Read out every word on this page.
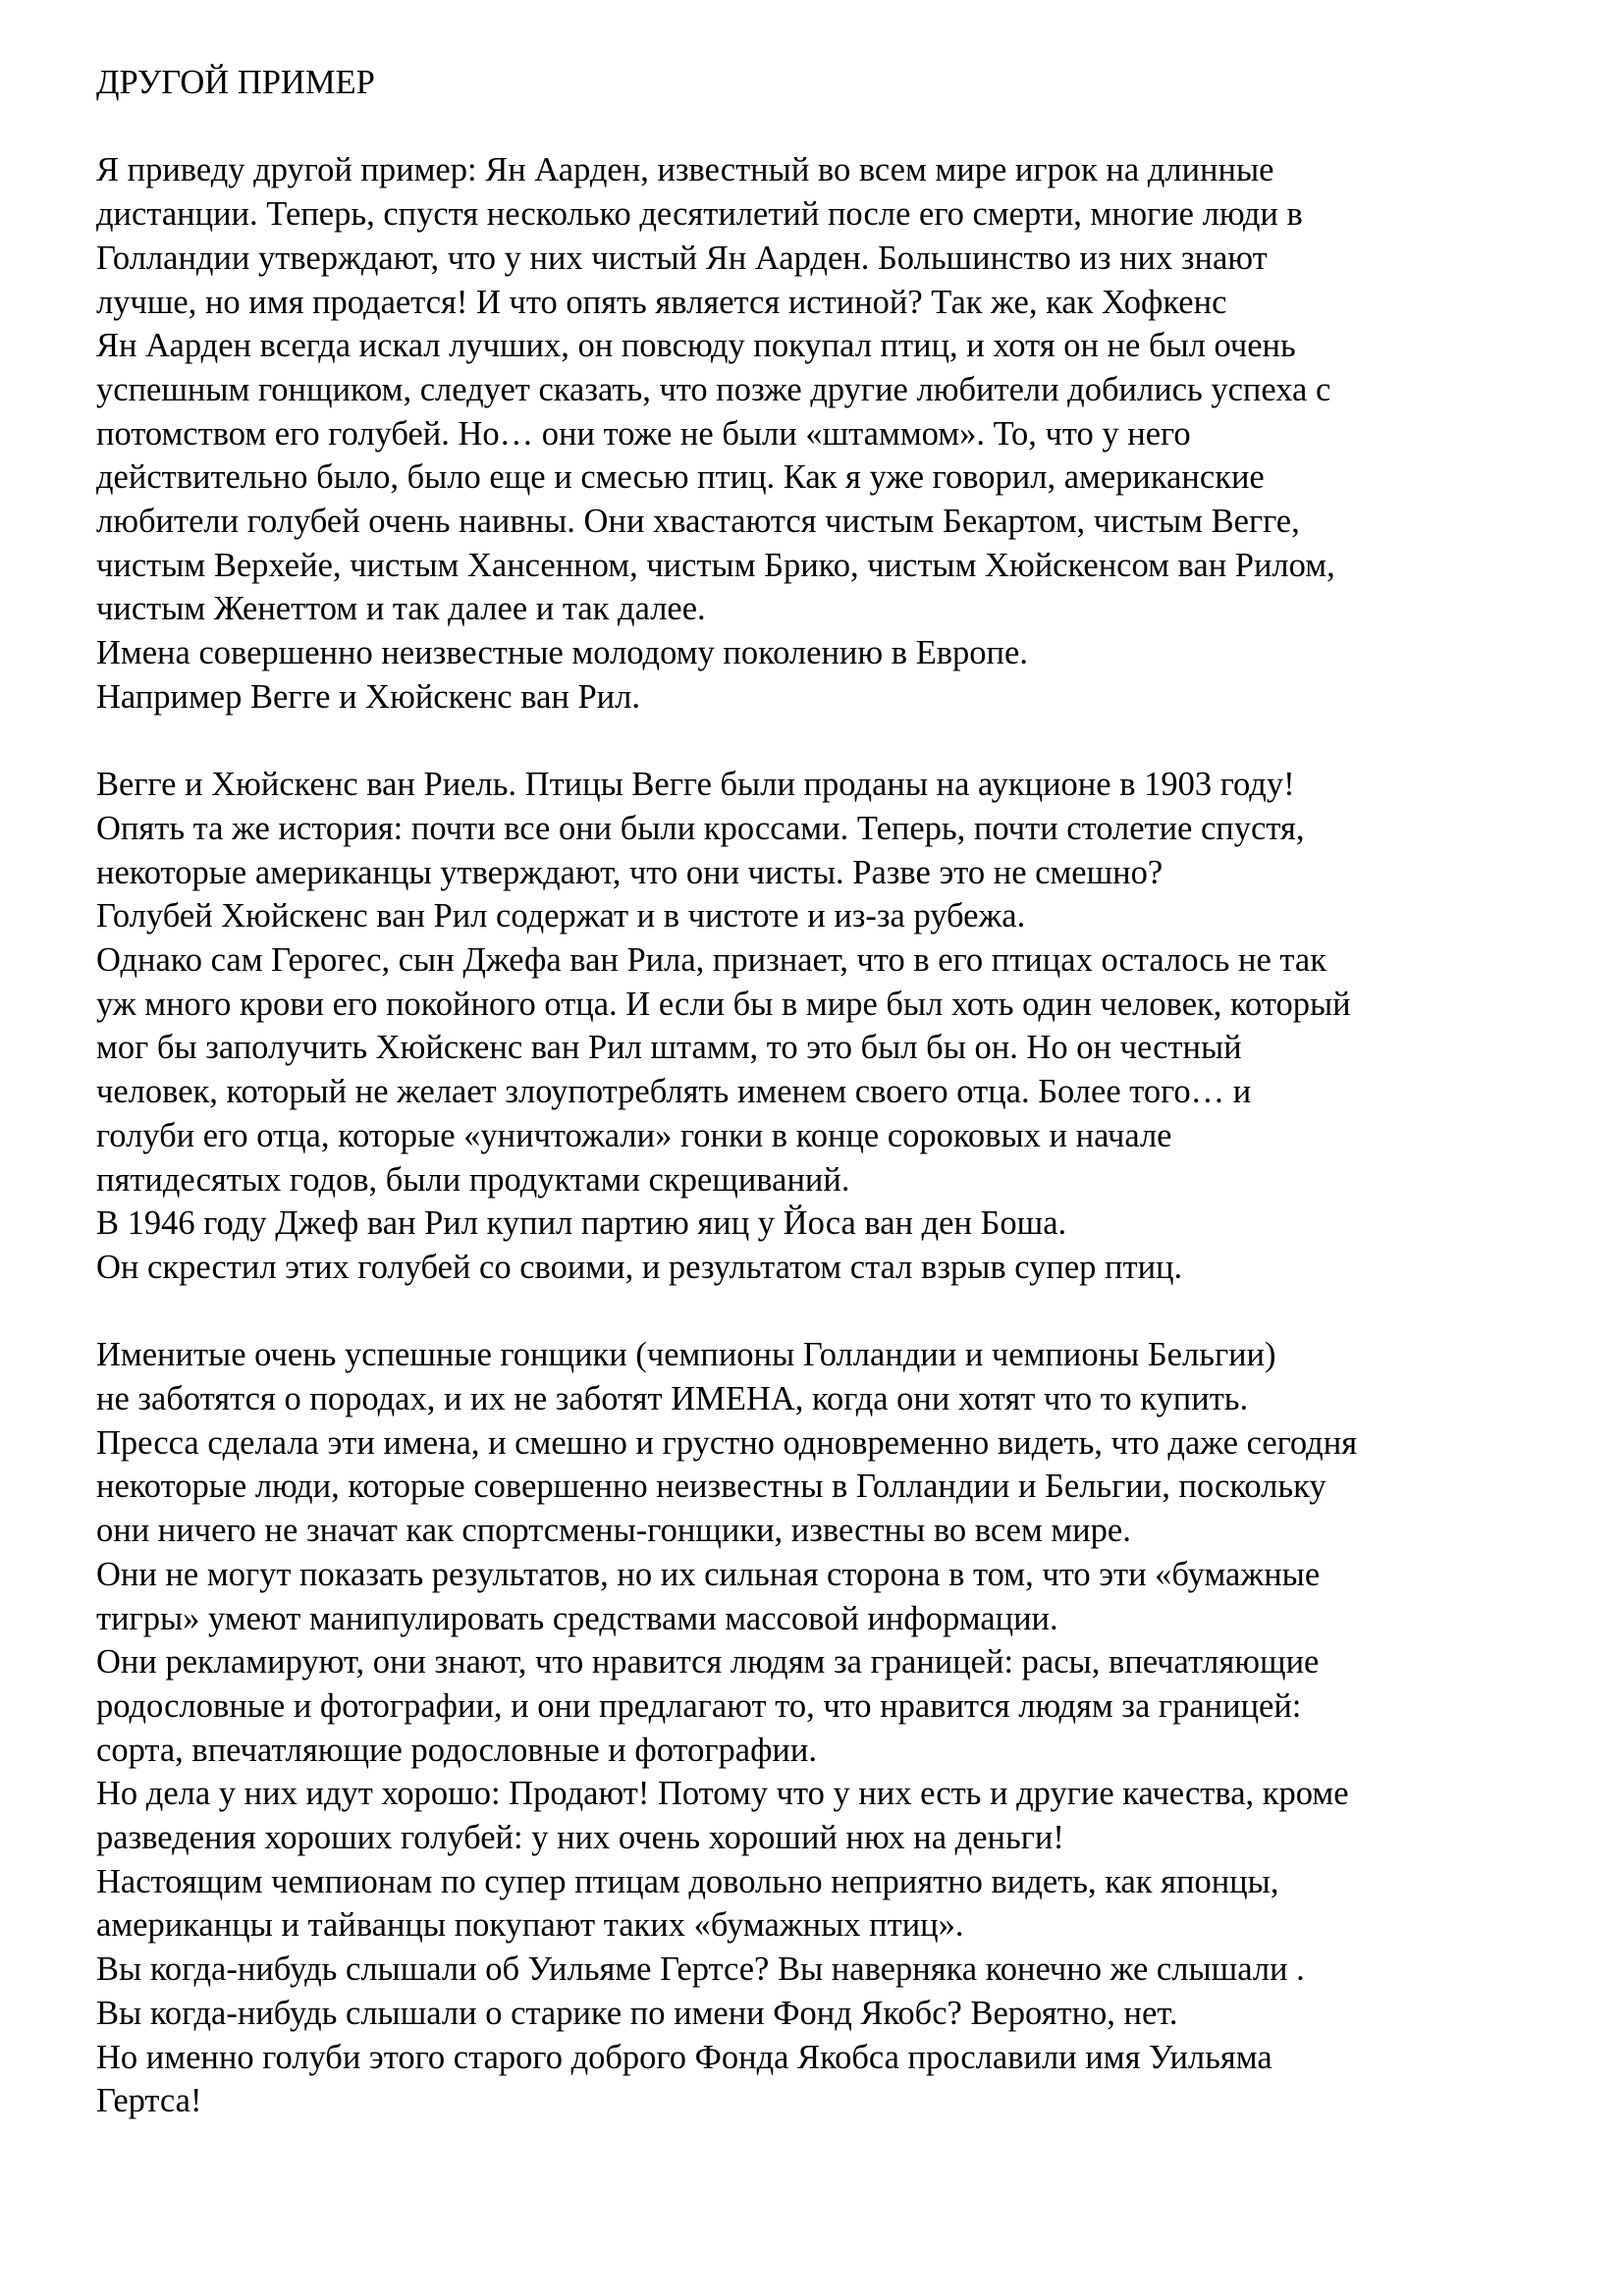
ДРУГОЙ ПРИМЕР
Я приведу другой пример: Ян Аарден, известный во всем мире игрок на длинные
дистанции. Теперь, спустя несколько десятилетий после его смерти, многие люди в
Голландии утверждают, что у них чистый Ян Аарден. Большинство из них знают
лучше, но имя продается! И что опять является истиной? Так же, как Хофкенс
Ян Аарден всегда искал лучших, он повсюду покупал птиц, и хотя он не был очень
успешным гонщиком, следует сказать, что позже другие любители добились успеха с
потомством его голубей. Но… они тоже не были «штаммом». То, что у него
действительно было, было еще и смесью птиц. Как я уже говорил, американские
любители голубей очень наивны. Они хвастаются чистым Бекартом, чистым Вегге,
чистым Верхейе, чистым Хансенном, чистым Брико, чистым Хюйскенсом ван Рилом,
чистым Женеттом и так далее и так далее.
Имена совершенно неизвестные молодому поколению в Европе.
Например Вегге и Хюйскенс ван Рил.
Вегге и Хюйскенс ван Риель. Птицы Вегге были проданы на аукционе в 1903 году!
Опять та же история: почти все они были кроссами. Теперь, почти столетие спустя,
некоторые американцы утверждают, что они чисты. Разве это не смешно?
Голубей Хюйскенс ван Рил содержат и в чистоте и из-за рубежа.
Однако сам Герогес, сын Джефа ван Рила, признает, что в его птицах осталось не так
уж много крови его покойного отца. И если бы в мире был хоть один человек, который
мог бы заполучить Хюйскенс ван Рил штамм, то это был бы он. Но он честный
человек, который не желает злоупотреблять именем своего отца. Более того… и
голуби его отца, которые «уничтожали» гонки в конце сороковых и начале
пятидесятых годов, были продуктами скрещиваний.
В 1946 году Джеф ван Рил купил партию яиц у Йоса ван ден Боша.
Он скрестил этих голубей со своими, и результатом стал взрыв супер птиц.
Именитые очень успешные гонщики (чемпионы Голландии и чемпионы Бельгии)
не заботятся о породах, и их не заботят ИМЕНА, когда они хотят что то купить.
Пресса сделала эти имена, и смешно и грустно одновременно видеть, что даже сегодня
некоторые люди, которые совершенно неизвестны в Голландии и Бельгии, поскольку
они ничего не значат как спортсмены-гонщики, известны во всем мире.
Они не могут показать результатов, но их сильная сторона в том, что эти «бумажные
тигры» умеют манипулировать средствами массовой информации.
Они рекламируют, они знают, что нравится людям за границей: расы, впечатляющие
родословные и фотографии, и они предлагают то, что нравится людям за границей:
сорта, впечатляющие родословные и фотографии.
Но дела у них идут хорошо: Продают! Потому что у них есть и другие качества, кроме
разведения хороших голубей: у них очень хороший нюх на деньги!
Настоящим чемпионам по супер птицам довольно неприятно видеть, как японцы,
американцы и тайванцы покупают таких «бумажных птиц».
Вы когда-нибудь слышали об Уильяме Гертсе? Вы наверняка конечно же слышали .
Вы когда-нибудь слышали о старике по имени Фонд Якобс? Вероятно, нет.
Но именно голуби этого старого доброго Фонда Якобса прославили имя Уильяма
Гертса!
